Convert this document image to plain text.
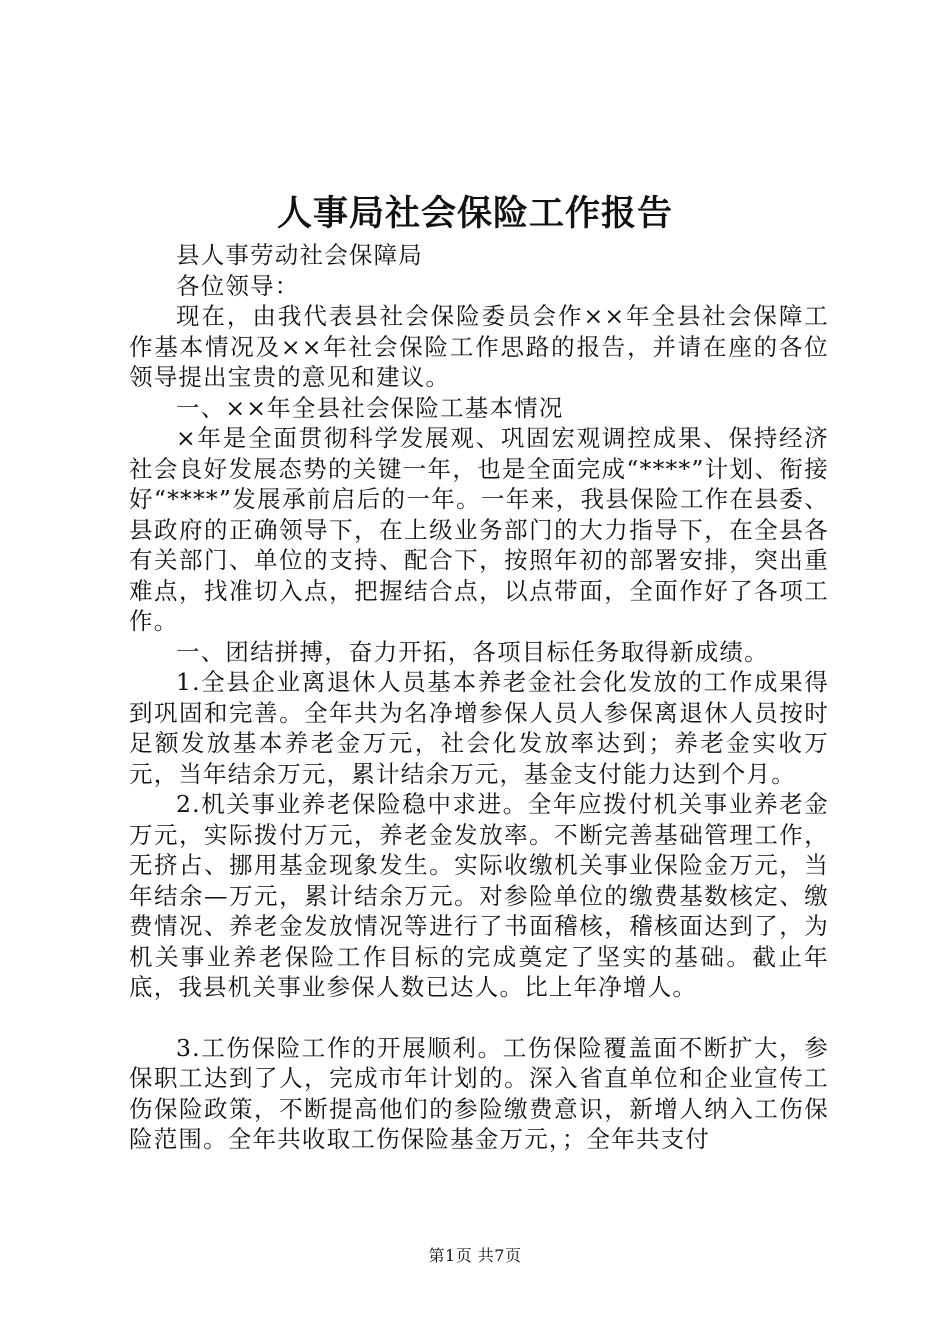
人事局社会保险工作报告

县人事劳动社会保障局

各位领导：

现在，由我代表县社会保险委员会作××年全县社会保障工作基本情况及××年社会保险工作思路的报告，并请在座的各位领导提出宝贵的意见和建议。

一、××年全县社会保险工基本情况

×年是全面贯彻科学发展观、巩固宏观调控成果、保持经济社会良好发展态势的关键一年，也是全面完成“****”计划、衔接好“****”发展承前启后的一年。一年来，我县保险工作在县委、县政府的正确领导下，在上级业务部门的大力指导下，在全县各有关部门、单位的支持、配合下，按照年初的部署安排，突出重难点，找准切入点，把握结合点，以点带面，全面作好了各项工作。

一、团结拼搏，奋力开拓，各项目标任务取得新成绩。

1.全县企业离退休人员基本养老金社会化发放的工作成果得到巩固和完善。全年共为名净增参保人员人参保离退休人员按时足额发放基本养老金万元，社会化发放率达到；养老金实收万元，当年结余万元，累计结余万元，基金支付能力达到个月。

2.机关事业养老保险稳中求进。全年应拨付机关事业养老金万元，实际拨付万元，养老金发放率。不断完善基础管理工作，无挤占、挪用基金现象发生。实际收缴机关事业保险金万元，当年结余—万元，累计结余万元。对参险单位的缴费基数核定、缴费情况、养老金发放情况等进行了书面稽核，稽核面达到了，为机关事业养老保险工作目标的完成奠定了坚实的基础。截止年底，我县机关事业参保人数已达人。比上年净增人。

3.工伤保险工作的开展顺利。工伤保险覆盖面不断扩大，参保职工达到了人，完成市年计划的。深入省直单位和企业宣传工伤保险政策，不断提高他们的参险缴费意识，新增人纳入工伤保险范围。全年共收取工伤保险基金万元，；全年共支付

第1页 共7页
